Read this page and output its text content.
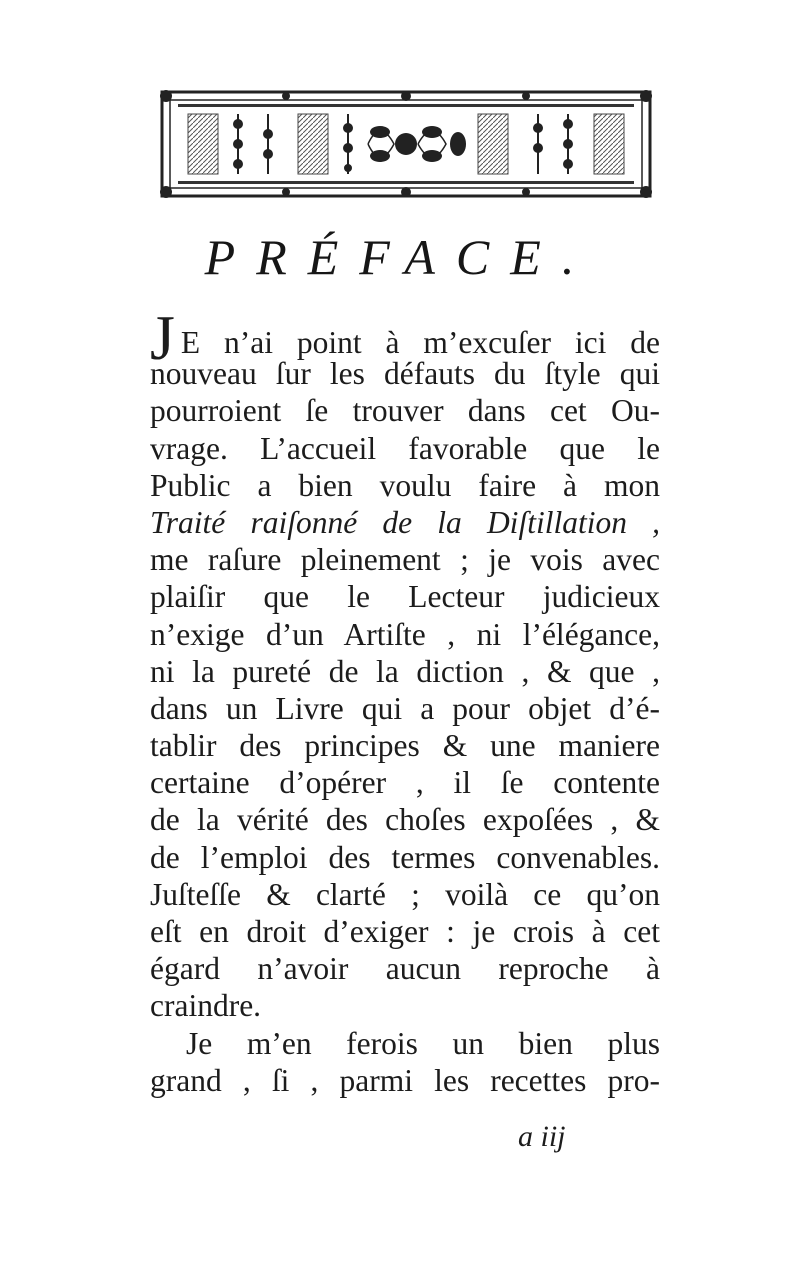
PRÉFACE.
J E n’ai point à m’excuſer ici de
nouveau ſur les défauts du ſtyle qui
pourroient ſe trouver dans cet Ou-
vrage. L’accueil favorable que le
Public a bien voulu faire à mon
Traité raiſonné de la Diſtillation ,
me raſure pleinement ; je vois avec
plaiſir que le Lecteur judicieux
n’exige d’un Artiſte , ni l’élégance,
ni la pureté de la diction , & que ,
dans un Livre qui a pour objet d’é-
tablir des principes & une maniere
certaine d’opérer , il ſe contente
de la vérité des choſes expoſées , &
de l’emploi des termes convenables.
Juſteſſe & clarté ; voilà ce qu’on
eſt en droit d’exiger : je crois à cet
égard n’avoir aucun reproche à
craindre.
Je m’en ferois un bien plus
grand , ſi , parmi les recettes pro-
a iij
